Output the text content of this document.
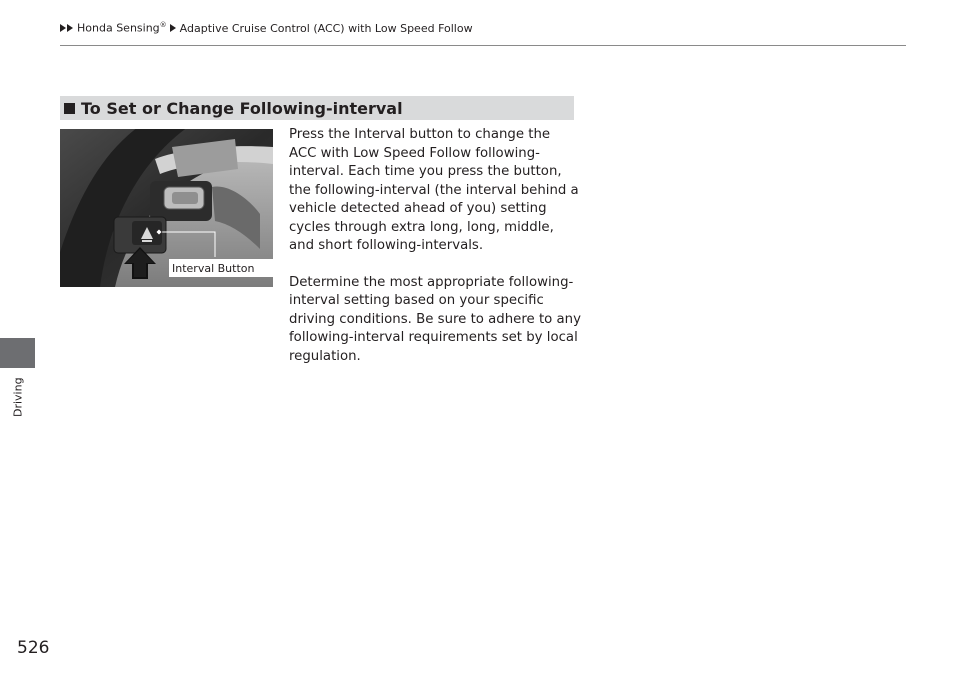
Honda Sensing® Adaptive Cruise Control (ACC) with Low Speed Follow
Driving
526
To Set or Change Following-interval
Interval Button

Press the Interval button to change the ACC with Low Speed Follow following-interval. Each time you press the button, the following-interval (the interval behind a vehicle detected ahead of you) setting cycles through extra long, long, middle, and short following-intervals.

Determine the most appropriate following-interval setting based on your specific driving conditions. Be sure to adhere to any following-interval requirements set by local regulation.
